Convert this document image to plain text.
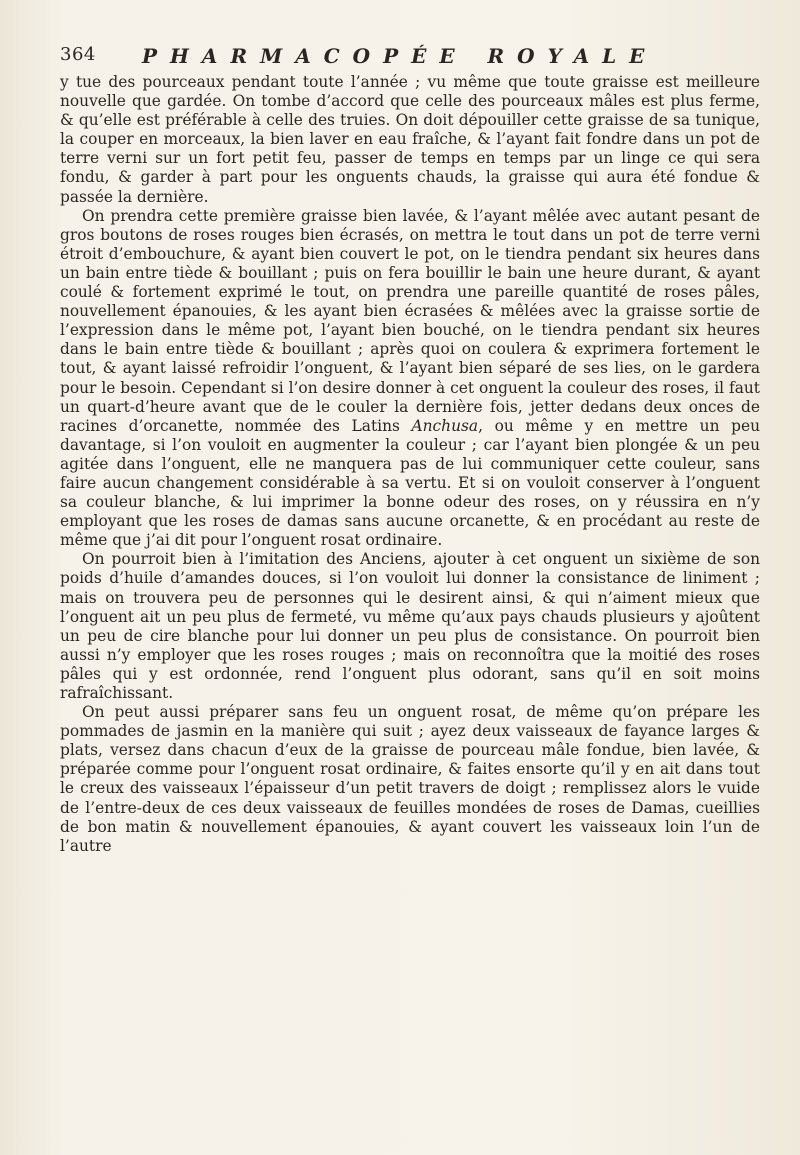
364 PHARMACOPÉE ROYALE

y tue des pourceaux pendant toute l’année ; vu même que toute graisse est meilleure nouvelle que gardée. On tombe d’accord que celle des pourceaux mâles est plus ferme, & qu’elle est préférable à celle des truies. On doit dépouiller cette graisse de sa tunique, la couper en morceaux, la bien laver en eau fraîche, & l’ayant fait fondre dans un pot de terre verni sur un fort petit feu, passer de temps en temps par un linge ce qui sera fondu, & garder à part pour les onguents chauds, la graisse qui aura été fondue & passée la dernière.

On prendra cette première graisse bien lavée, & l’ayant mêlée avec autant pesant de gros boutons de roses rouges bien écrasés, on mettra le tout dans un pot de terre verni étroit d’embouchure, & ayant bien couvert le pot, on le tiendra pendant six heures dans un bain entre tiède & bouillant ; puis on fera bouillir le bain une heure durant, & ayant coulé & fortement exprimé le tout, on prendra une pareille quantité de roses pâles, nouvellement épanouies, & les ayant bien écrasées & mêlées avec la graisse sortie de l’expression dans le même pot, l’ayant bien bouché, on le tiendra pendant six heures dans le bain entre tiède & bouillant ; après quoi on coulera & exprimera fortement le tout, & ayant laissé refroidir l’onguent, & l’ayant bien séparé de ses lies, on le gardera pour le besoin. Cependant si l’on desire donner à cet onguent la couleur des roses, il faut un quart-d’heure avant que de le couler la dernière fois, jetter dedans deux onces de racines d’orcanette, nommée des Latins Anchusa, ou même y en mettre un peu davantage, si l’on vouloit en augmenter la couleur ; car l’ayant bien plongée & un peu agitée dans l’onguent, elle ne manquera pas de lui communiquer cette couleur, sans faire aucun changement considérable à sa vertu. Et si on vouloit conserver à l’onguent sa couleur blanche, & lui imprimer la bonne odeur des roses, on y réussira en n’y employant que les roses de damas sans aucune orcanette, & en procédant au reste de même que j’ai dit pour l’onguent rosat ordinaire.

On pourroit bien à l’imitation des Anciens, ajouter à cet onguent un sixième de son poids d’huile d’amandes douces, si l’on vouloit lui donner la consistance de liniment ; mais on trouvera peu de personnes qui le desirent ainsi, & qui n’aiment mieux que l’onguent ait un peu plus de fermeté, vu même qu’aux pays chauds plusieurs y ajoûtent un peu de cire blanche pour lui donner un peu plus de consistance. On pourroit bien aussi n’y employer que les roses rouges ; mais on reconnoîtra que la moitié des roses pâles qui y est ordonnée, rend l’onguent plus odorant, sans qu’il en soit moins rafraîchissant.

On peut aussi préparer sans feu un onguent rosat, de même qu’on prépare les pommades de jasmin en la manière qui suit ; ayez deux vaisseaux de fayance larges & plats, versez dans chacun d’eux de la graisse de pourceau mâle fondue, bien lavée, & préparée comme pour l’onguent rosat ordinaire, & faites ensorte qu’il y en ait dans tout le creux des vaisseaux l’épaisseur d’un petit travers de doigt ; remplissez alors le vuide de l’entre-deux de ces deux vaisseaux de feuilles mondées de roses de Damas, cueillies de bon matin & nouvellement épanouies, & ayant couvert les vaisseaux loin l’un de l’autre
